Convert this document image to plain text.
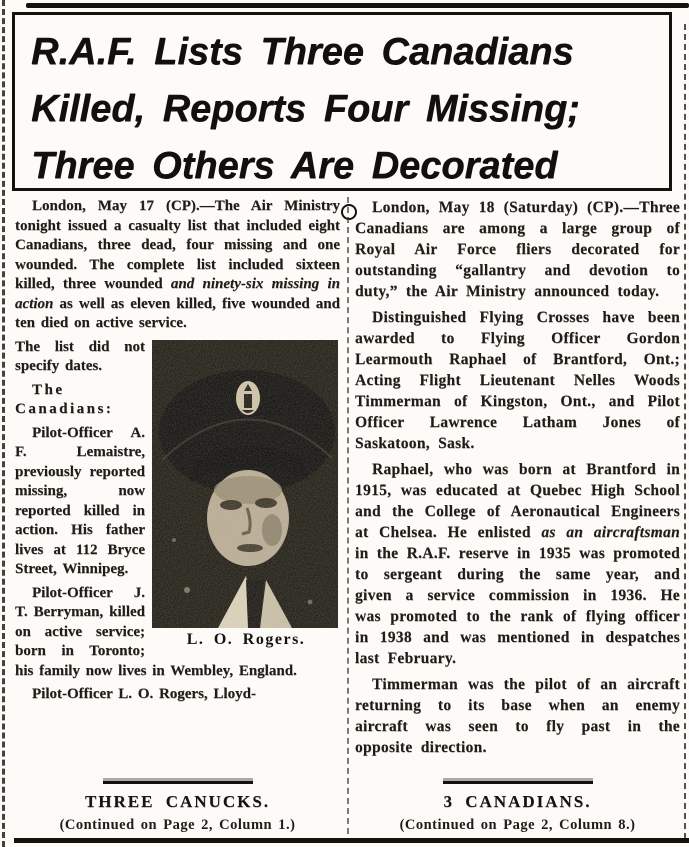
R.A.F. Lists Three Canadians
Killed, Reports Four Missing;
Three Others Are Decorated

London, May 17 (CP).—The Air Ministry tonight issued a casualty list that included eight Canadians, three dead, four missing and one wounded. The complete list included sixteen killed, three wounded and ninety-six missing in action as well as eleven killed, five wounded and ten died on active service.

L. O. Rogers.

The list did not specify dates.

The Canadians:

Pilot-Officer A. F. Lemaistre, previously reported missing, now reported killed in action. His father lives at 112 Bryce Street, Winnipeg.

Pilot-Officer J. T. Berryman, killed on active service; born in Toronto; his family now lives in Wembley, England.

Pilot-Officer L. O. Rogers, Lloyd-

THREE CANUCKS.
(Continued on Page 2, Column 1.)

London, May 18 (Saturday) (CP).—Three Canadians are among a large group of Royal Air Force fliers decorated for outstanding “gallantry and devotion to duty,” the Air Ministry announced today.

Distinguished Flying Crosses have been awarded to Flying Officer Gordon Learmouth Raphael of Brantford, Ont.; Acting Flight Lieutenant Nelles Woods Timmerman of Kingston, Ont., and Pilot Officer Lawrence Latham Jones of Saskatoon, Sask.

Raphael, who was born at Brantford in 1915, was educated at Quebec High School and the College of Aeronautical Engineers at Chelsea. He enlisted as an aircraftsman in the R.A.F. reserve in 1935 was promoted to sergeant during the same year, and given a service commission in 1936. He was promoted to the rank of flying officer in 1938 and was mentioned in despatches last February.

Timmerman was the pilot of an aircraft returning to its base when an enemy aircraft was seen to fly past in the opposite direction.

3 CANADIANS.
(Continued on Page 2, Column 8.)
